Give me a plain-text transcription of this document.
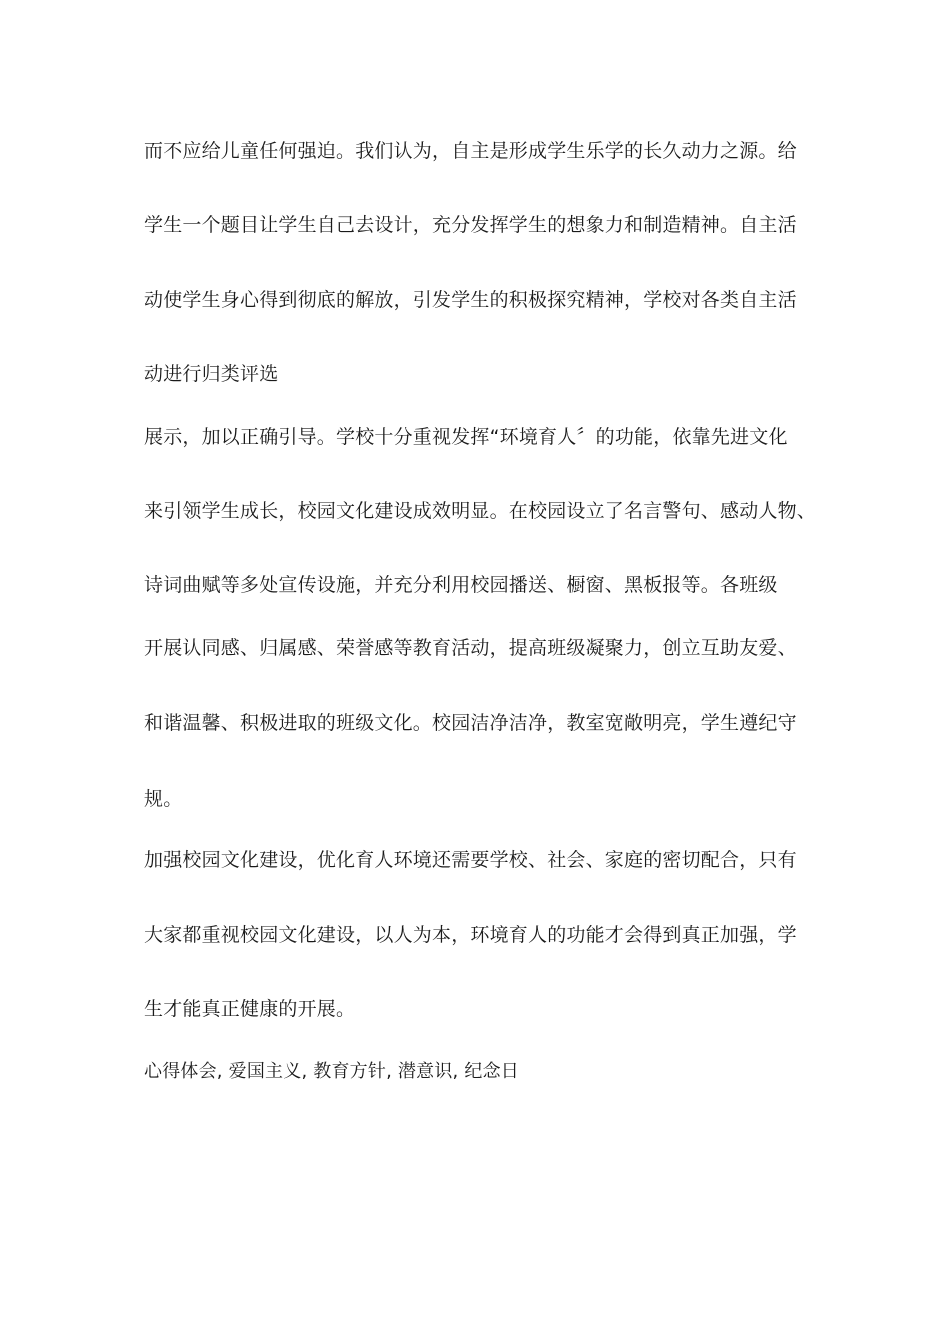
而不应给儿童任何强迫。我们认为，自主是形成学生乐学的长久动力之源。给
学生一个题目让学生自己去设计，充分发挥学生的想象力和制造精神。自主活
动使学生身心得到彻底的解放，引发学生的积极探究精神，学校对各类自主活
动进行归类评选
展示，加以正确引导。学校十分重视发挥“环境育人〞的功能，依靠先进文化
来引领学生成长，校园文化建设成效明显。在校园设立了名言警句、感动人物、
诗词曲赋等多处宣传设施，并充分利用校园播送、橱窗、黑板报等。各班级
开展认同感、归属感、荣誉感等教育活动，提高班级凝聚力，创立互助友爱、
和谐温馨、积极进取的班级文化。校园洁净洁净，教室宽敞明亮，学生遵纪守
规。
加强校园文化建设，优化育人环境还需要学校、社会、家庭的密切配合，只有
大家都重视校园文化建设，以人为本，环境育人的功能才会得到真正加强，学
生才能真正健康的开展。
心得体会, 爱国主义, 教育方针, 潜意识, 纪念日
